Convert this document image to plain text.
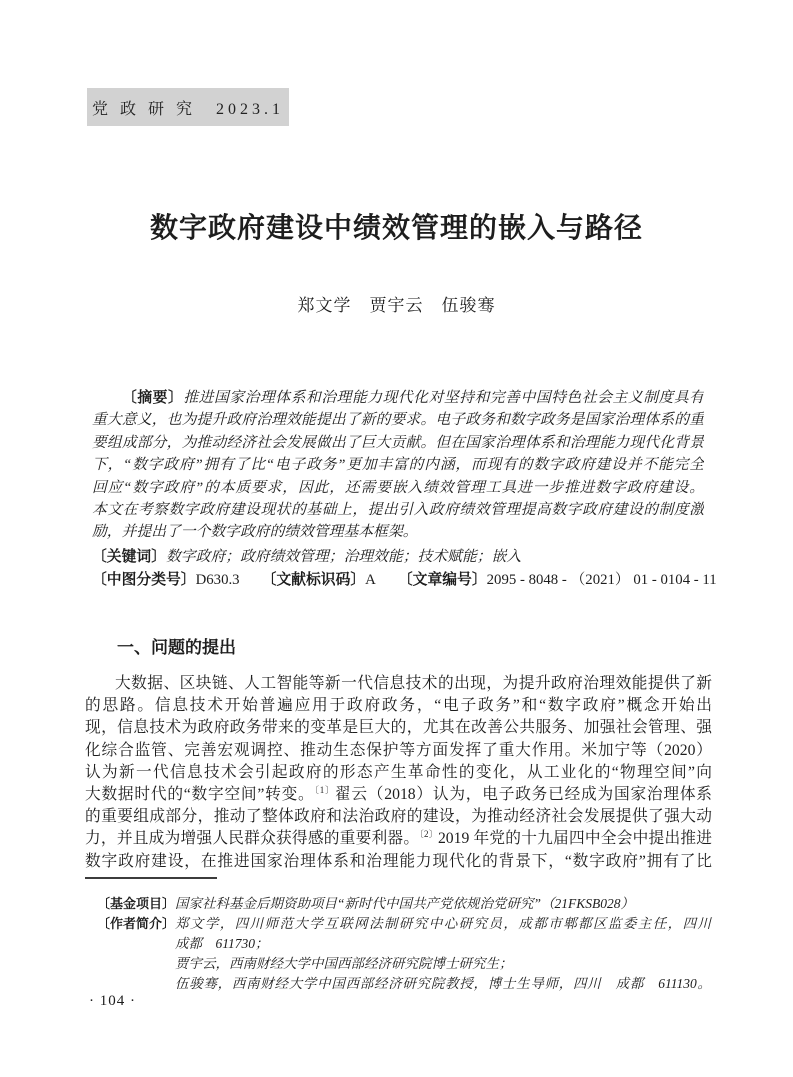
党 政 研 究　2023.1
数字政府建设中绩效管理的嵌入与路径
郑文学　贾宇云　伍骏骞
〔摘要〕推进国家治理体系和治理能力现代化对坚持和完善中国特色社会主义制度具有
重大意义，也为提升政府治理效能提出了新的要求。电子政务和数字政务是国家治理体系的重
要组成部分，为推动经济社会发展做出了巨大贡献。但在国家治理体系和治理能力现代化背景
下，“数字政府”拥有了比“电子政务”更加丰富的内涵，而现有的数字政府建设并不能完全
回应“数字政府”的本质要求，因此，还需要嵌入绩效管理工具进一步推进数字政府建设。
本文在考察数字政府建设现状的基础上，提出引入政府绩效管理提高数字政府建设的制度激
励，并提出了一个数字政府的绩效管理基本框架。
〔关键词〕数字政府；政府绩效管理；治理效能；技术赋能；嵌入
〔中图分类号〕D630.3 〔文献标识码〕A 〔文章编号〕2095 - 8048 - （2021） 01 - 0104 - 11
一、问题的提出
大数据、区块链、人工智能等新一代信息技术的出现，为提升政府治理效能提供了新
的思路。信息技术开始普遍应用于政府政务，“电子政务”和“数字政府”概念开始出
现，信息技术为政府政务带来的变革是巨大的，尤其在改善公共服务、加强社会管理、强
化综合监管、完善宏观调控、推动生态保护等方面发挥了重大作用。米加宁等（2020）
认为新一代信息技术会引起政府的形态产生革命性的变化，从工业化的“物理空间”向
大数据时代的“数字空间”转变。$^{〔1〕}$翟云（2018）认为，电子政务已经成为国家治理体系
的重要组成部分，推动了整体政府和法治政府的建设，为推动经济社会发展提供了强大动
力，并且成为增强人民群众获得感的重要利器。$^{〔2〕}$2019 年党的十九届四中全会中提出推进
数字政府建设，在推进国家治理体系和治理能力现代化的背景下，“数字政府”拥有了比
〔基金项目〕 国家社科基金后期资助项目“新时代中国共产党依规治党研究”（21FKSB028）
〔作者简介〕 郑文学，四川师范大学互联网法制研究中心研究员，成都市郫都区监委主任，四川
成都　611730；
贾宇云，西南财经大学中国西部经济研究院博士研究生；
伍骏骞，西南财经大学中国西部经济研究院教授，博士生导师，四川　成都　611130。
· 104 ·
